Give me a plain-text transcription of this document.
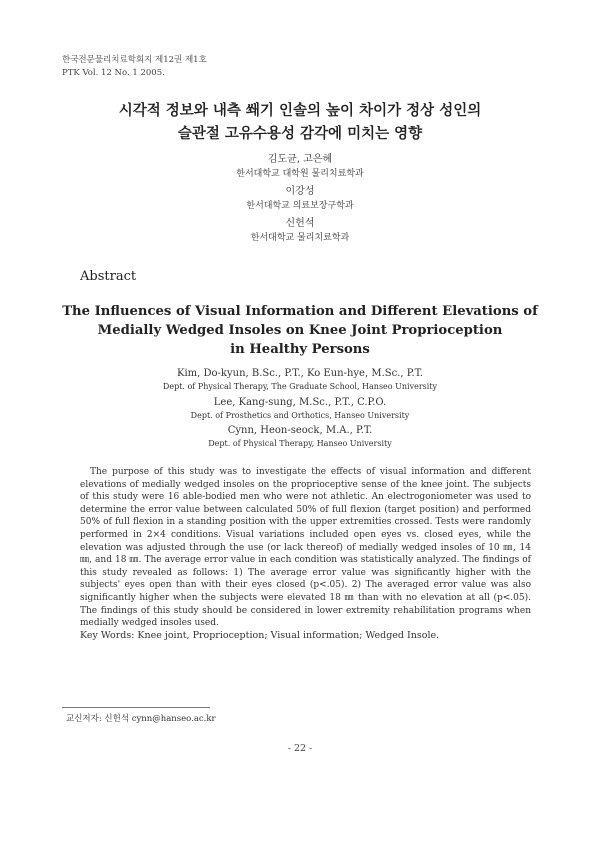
한국전문물리치료학회지 제12권 제1호
PTK Vol. 12 No. 1 2005.
시각적 정보와 내측 쐐기 인솔의 높이 차이가 정상 성인의
슬관절 고유수용성 감각에 미치는 영향
김도균, 고은혜
한서대학교 대학원 물리치료학과
이강성
한서대학교 의료보장구학과
신헌석
한서대학교 물리치료학과
Abstract
The Influences of Visual Information and Different Elevations of
Medially Wedged Insoles on Knee Joint Proprioception
in Healthy Persons
Kim, Do-kyun, B.Sc., P.T., Ko Eun-hye, M.Sc., P.T.
Dept. of Physical Therapy, The Graduate School, Hanseo University
Lee, Kang-sung, M.Sc., P.T., C.P.O.
Dept. of Prosthetics and Orthotics, Hanseo University
Cynn, Heon-seock, M.A., P.T.
Dept. of Physical Therapy, Hanseo University

The purpose of this study was to investigate the effects of visual information and different elevations of medially wedged insoles on the proprioceptive sense of the knee joint. The subjects of this study were 16 able-bodied men who were not athletic. An electrogoniometer was used to determine the error value between calculated 50% of full flexion (target position) and performed 50% of full flexion in a standing position with the upper extremities crossed. Tests were randomly performed in 2×4 conditions. Visual variations included open eyes vs. closed eyes, while the elevation was adjusted through the use (or lack thereof) of medially wedged insoles of 10 ㎜, 14 ㎜, and 18 ㎜. The average error value in each condition was statistically analyzed. The findings of this study revealed as follows: 1) The average error value was significantly higher with the subjects' eyes open than with their eyes closed (p<.05). 2) The averaged error value was also significantly higher when the subjects were elevated 18 ㎜ than with no elevation at all (p<.05). The findings of this study should be considered in lower extremity rehabilitation programs when medially wedged insoles used.

Key Words: Knee joint, Proprioception; Visual information; Wedged Insole.
교신저자: 신헌석 cynn@hanseo.ac.kr
- 22 -
